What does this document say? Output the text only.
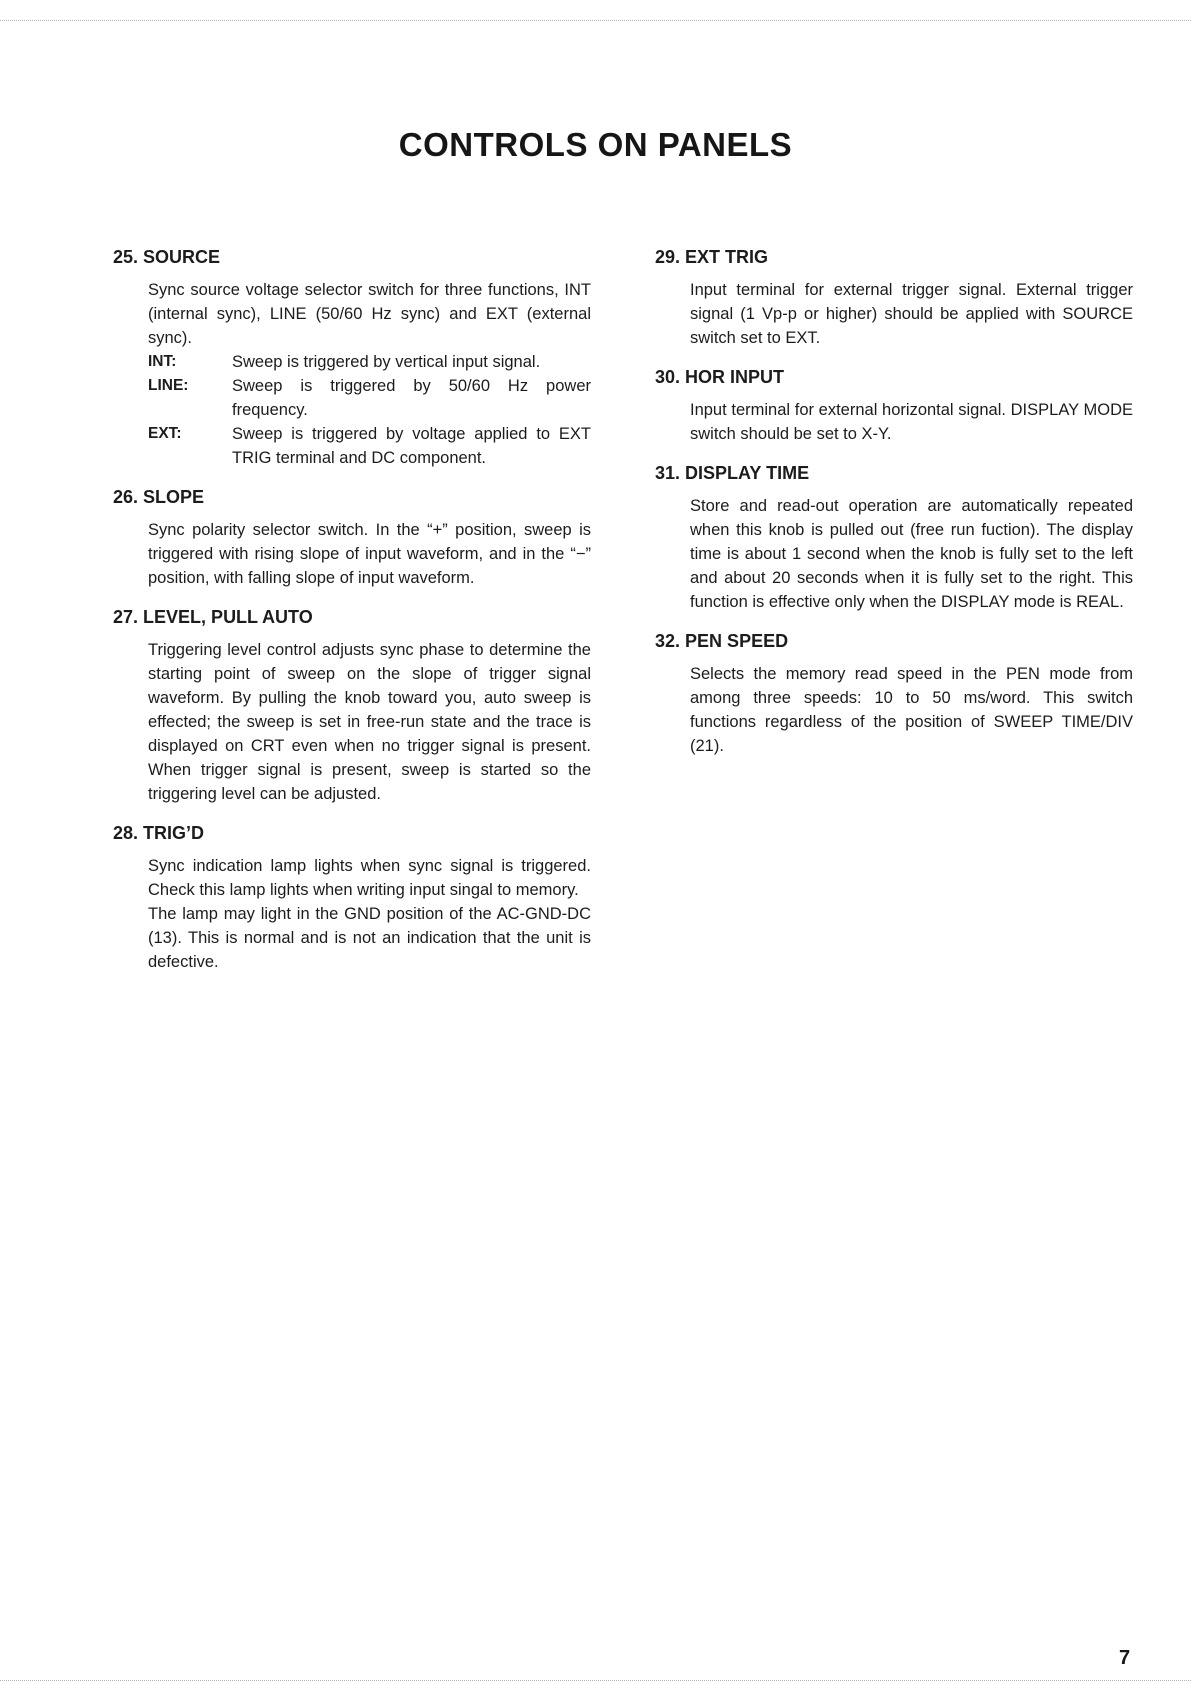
CONTROLS ON PANELS
25. SOURCE

Sync source voltage selector switch for three functions, INT (internal sync), LINE (50/60 Hz sync) and EXT (external sync).

INT:	Sweep is triggered by vertical input signal.
LINE:	Sweep is triggered by 50/60 Hz power frequency.
EXT:	Sweep is triggered by voltage applied to EXT TRIG terminal and DC component.
26. SLOPE

Sync polarity selector switch. In the “+” position, sweep is triggered with rising slope of input waveform, and in the “−” position, with falling slope of input waveform.

27. LEVEL, PULL AUTO

Triggering level control adjusts sync phase to determine the starting point of sweep on the slope of trigger signal waveform. By pulling the knob toward you, auto sweep is effected; the sweep is set in free-run state and the trace is displayed on CRT even when no trigger signal is present. When trigger signal is present, sweep is started so the triggering level can be adjusted.

28. TRIG’D

Sync indication lamp lights when sync signal is triggered. Check this lamp lights when writing input singal to memory.

The lamp may light in the GND position of the AC-GND-DC (13). This is normal and is not an indication that the unit is defective.

29. EXT TRIG

Input terminal for external trigger signal. External trigger signal (1 Vp-p or higher) should be applied with SOURCE switch set to EXT.

30. HOR INPUT

Input terminal for external horizontal signal. DISPLAY MODE switch should be set to X-Y.

31. DISPLAY TIME

Store and read-out operation are automatically repeated when this knob is pulled out (free run fuction). The display time is about 1 second when the knob is fully set to the left and about 20 seconds when it is fully set to the right. This function is effective only when the DISPLAY mode is REAL.

32. PEN SPEED

Selects the memory read speed in the PEN mode from among three speeds: 10 to 50 ms/word. This switch functions regardless of the position of SWEEP TIME/DIV (21).

7
